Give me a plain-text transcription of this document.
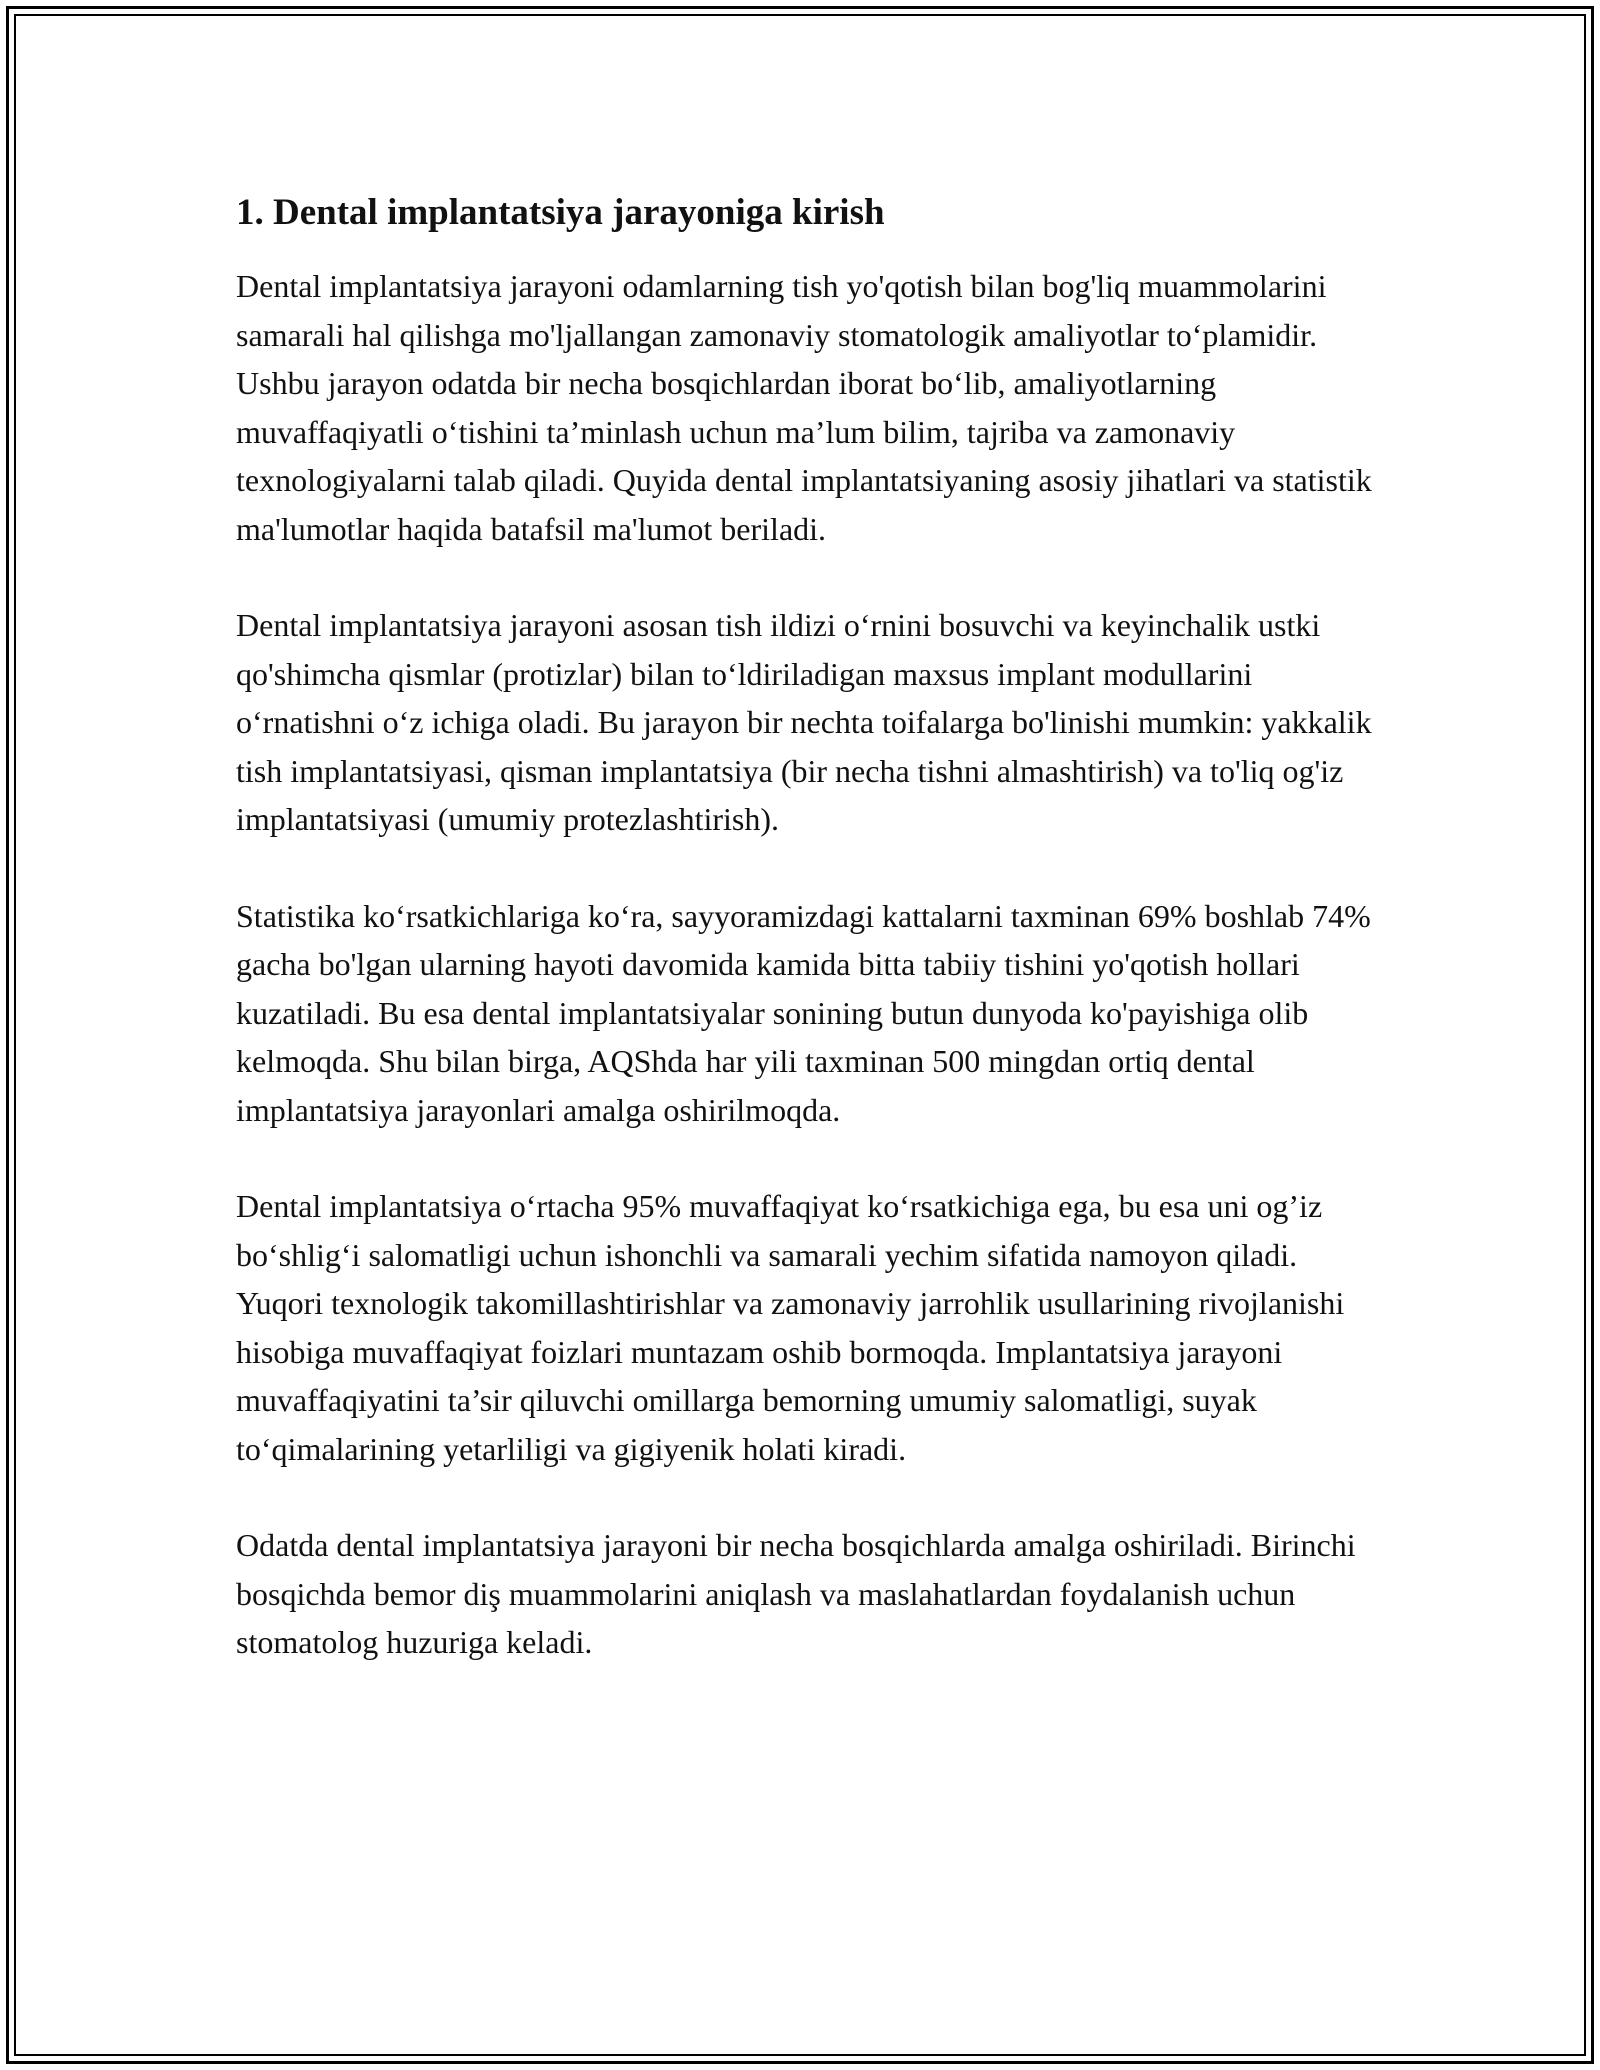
1. Dental implantatsiya jarayoniga kirish

Dental implantatsiya jarayoni odamlarning tish yo'qotish bilan bog'liq muammolarini samarali hal qilishga mo'ljallangan zamonaviy stomatologik amaliyotlar to‘plamidir. Ushbu jarayon odatda bir necha bosqichlardan iborat bo‘lib, amaliyotlarning muvaffaqiyatli o‘tishini ta’minlash uchun ma’lum bilim, tajriba va zamonaviy texnologiyalarni talab qiladi. Quyida dental implantatsiyaning asosiy jihatlari va statistik ma'lumotlar haqida batafsil ma'lumot beriladi.

Dental implantatsiya jarayoni asosan tish ildizi o‘rnini bosuvchi va keyinchalik ustki qo'shimcha qismlar (protizlar) bilan to‘ldiriladigan maxsus implant modullarini o‘rnatishni o‘z ichiga oladi. Bu jarayon bir nechta toifalarga bo'linishi mumkin: yakkalik tish implantatsiyasi, qisman implantatsiya (bir necha tishni almashtirish) va to'liq og'iz implantatsiyasi (umumiy protezlashtirish).

Statistika ko‘rsatkichlariga ko‘ra, sayyoramizdagi kattalarni taxminan 69% boshlab 74% gacha bo'lgan ularning hayoti davomida kamida bitta tabiiy tishini yo'qotish hollari kuzatiladi. Bu esa dental implantatsiyalar sonining butun dunyoda ko'payishiga olib kelmoqda. Shu bilan birga, AQShda har yili taxminan 500 mingdan ortiq dental implantatsiya jarayonlari amalga oshirilmoqda.

Dental implantatsiya o‘rtacha 95% muvaffaqiyat ko‘rsatkichiga ega, bu esa uni og’iz bo‘shlig‘i salomatligi uchun ishonchli va samarali yechim sifatida namoyon qiladi. Yuqori texnologik takomillashtirishlar va zamonaviy jarrohlik usullarining rivojlanishi hisobiga muvaffaqiyat foizlari muntazam oshib bormoqda. Implantatsiya jarayoni muvaffaqiyatini ta’sir qiluvchi omillarga bemorning umumiy salomatligi, suyak to‘qimalarining yetarliligi va gigiyenik holati kiradi.

Odatda dental implantatsiya jarayoni bir necha bosqichlarda amalga oshiriladi. Birinchi bosqichda bemor diş muammolarini aniqlash va maslahatlardan foydalanish uchun stomatolog huzuriga keladi.
